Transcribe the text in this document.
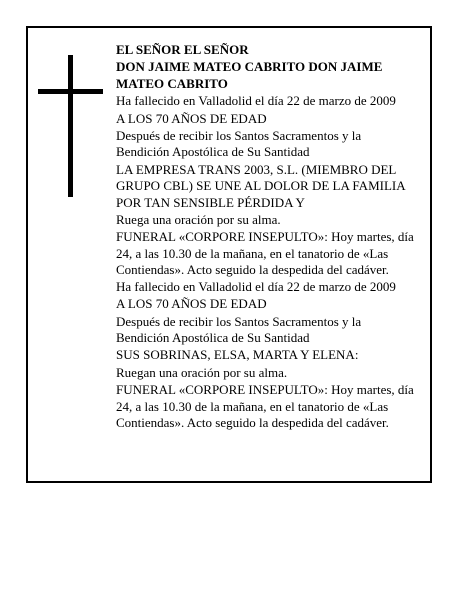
EL SEÑOR EL SEÑOR

DON JAIME MATEO CABRITO DON JAIME MATEO CABRITO

Ha fallecido en Valladolid el día 22 de marzo de 2009

A LOS 70 AÑOS DE EDAD

Después de recibir los Santos Sacramentos y la Bendición Apostólica de Su Santidad

LA EMPRESA TRANS 2003, S.L. (MIEMBRO DEL GRUPO CBL) SE UNE AL DOLOR DE LA FAMILIA POR TAN SENSIBLE PÉRDIDA Y

Ruega una oración por su alma.

FUNERAL «CORPORE INSEPULTO»: Hoy martes, día 24, a las 10.30 de la mañana, en el tanatorio de «Las Contiendas». Acto seguido la despedida del cadáver.

Ha fallecido en Valladolid el día 22 de marzo de 2009

A LOS 70 AÑOS DE EDAD

Después de recibir los Santos Sacramentos y la Bendición Apostólica de Su Santidad

SUS SOBRINAS, ELSA, MARTA Y ELENA:

Ruegan una oración por su alma.

FUNERAL «CORPORE INSEPULTO»: Hoy martes, día 24, a las 10.30 de la mañana, en el tanatorio de «Las Contiendas». Acto seguido la despedida del cadáver.
